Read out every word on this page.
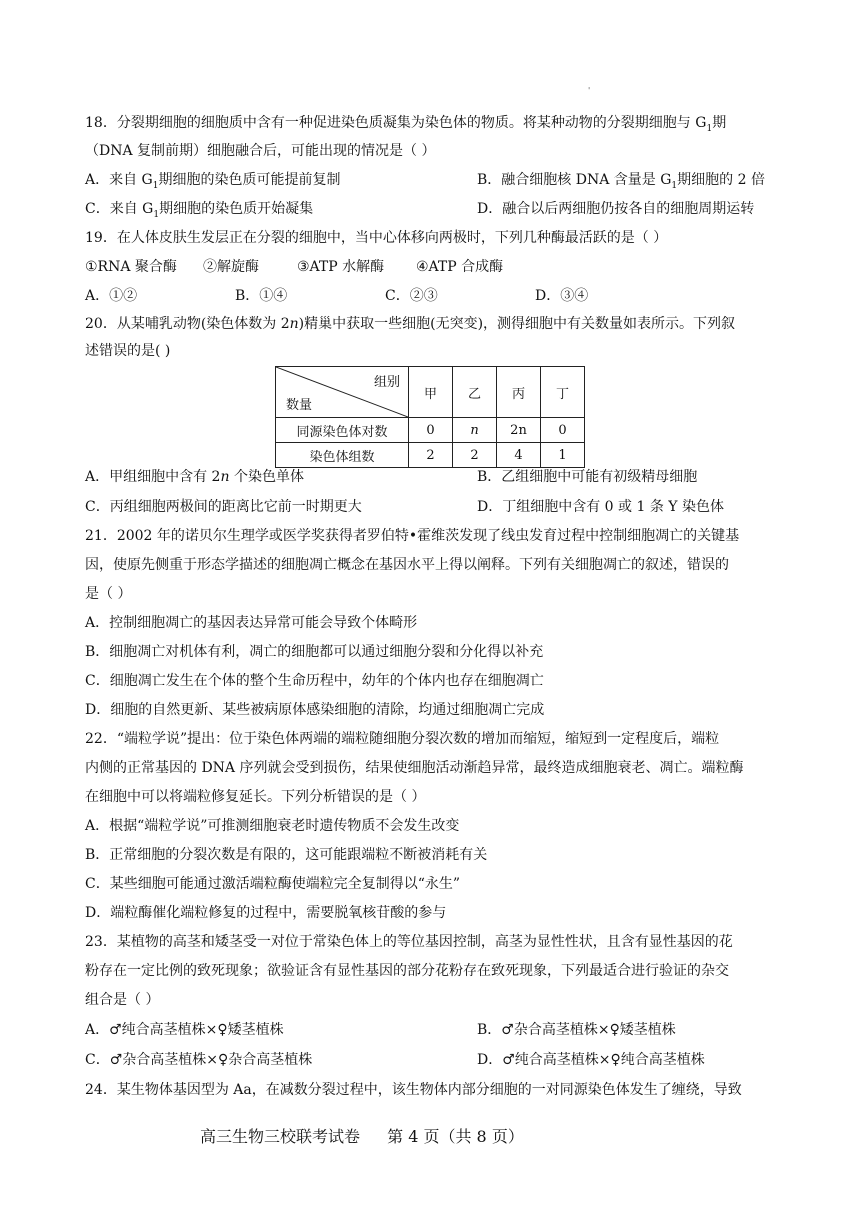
'
18．分裂期细胞的细胞质中含有一种促进染色质凝集为染色体的物质。将某种动物的分裂期细胞与 $G_1$期
（DNA 复制前期）细胞融合后，可能出现的情况是（ ）
A．来自 $G_1$期细胞的染色质可能提前复制	B．融合细胞核 DNA 含量是 $G_1$期细胞的 2 倍
C．来自 $G_1$期细胞的染色质开始凝集	D．融合以后两细胞仍按各自的细胞周期运转
19．在人体皮肤生发层正在分裂的细胞中，当中心体移向两极时，下列几种酶最活跃的是（ ）
①RNA 聚合酶 ②解旋酶	③ATP 水解酶 ④ATP 合成酶
A．①②	B．①④	C．②③	D．③④
20．从某哺乳动物(染色体数为 2n)精巢中获取一些细胞(无突变)，测得细胞中有关数量如表所示。下列叙
述错误的是( )
组别
数量	甲	乙	丙	丁
同源染色体对数	0	n	2n	0
染色体组数	2	2	4	1
A．甲组细胞中含有 2n 个染色单体	B．乙组细胞中可能有初级精母细胞
C．丙组细胞两极间的距离比它前一时期更大	D．丁组细胞中含有 0 或 1 条 Y 染色体
21．2002 年的诺贝尔生理学或医学奖获得者罗伯特•霍维茨发现了线虫发育过程中控制细胞凋亡的关键基
因，使原先侧重于形态学描述的细胞凋亡概念在基因水平上得以阐释。下列有关细胞凋亡的叙述，错误的
是（ ）
A．控制细胞凋亡的基因表达异常可能会导致个体畸形
B．细胞凋亡对机体有利，凋亡的细胞都可以通过细胞分裂和分化得以补充
C．细胞凋亡发生在个体的整个生命历程中，幼年的个体内也存在细胞凋亡
D．细胞的自然更新、某些被病原体感染细胞的清除，均通过细胞凋亡完成
22．“端粒学说”提出：位于染色体两端的端粒随细胞分裂次数的增加而缩短，缩短到一定程度后，端粒
内侧的正常基因的 DNA 序列就会受到损伤，结果使细胞活动渐趋异常，最终造成细胞衰老、凋亡。端粒酶
在细胞中可以将端粒修复延长。下列分析错误的是（ ）
A．根据“端粒学说”可推测细胞衰老时遗传物质不会发生改变
B．正常细胞的分裂次数是有限的，这可能跟端粒不断被消耗有关
C．某些细胞可能通过激活端粒酶使端粒完全复制得以“永生”
D．端粒酶催化端粒修复的过程中，需要脱氧核苷酸的参与
23．某植物的高茎和矮茎受一对位于常染色体上的等位基因控制，高茎为显性性状，且含有显性基因的花
粉存在一定比例的致死现象；欲验证含有显性基因的部分花粉存在致死现象，下列最适合进行验证的杂交
组合是（ ）
A．♂纯合高茎植株×♀矮茎植株	B．♂杂合高茎植株×♀矮茎植株
C．♂杂合高茎植株×♀杂合高茎植株	D．♂纯合高茎植株×♀纯合高茎植株
24．某生物体基因型为 Aa，在减数分裂过程中，该生物体内部分细胞的一对同源染色体发生了缠绕，导致
高三生物三校联考试卷 第 4 页（共 8 页）
